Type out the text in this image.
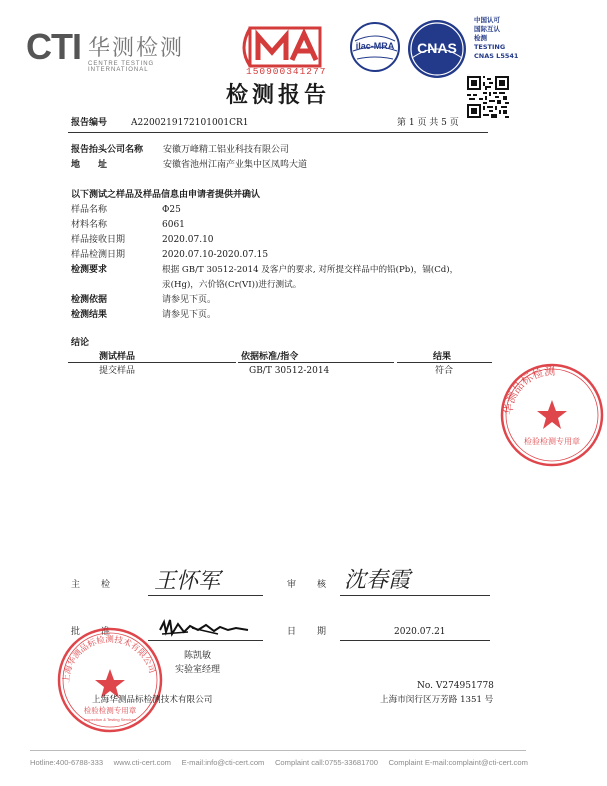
CTI 华测检测
CENTRE TESTING INTERNATIONAL	150900341277
ilac-MRA CNAS
中国认可
国际互认
检测
TESTING
CNAS L5541
检测报告
报告编号	A2200219172101001CR1	第 1 页 共 5 页
报告抬头公司名称 安徽万峰精工铝业科技有限公司
地　　址	安徽省池州江南产业集中区凤鸣大道
以下测试之样品及样品信息由申请者提供并确认
样品名称	Φ25
材料名称	6061
样品接收日期	2020.07.10
样品检测日期	2020.07.10-2020.07.15
检测要求	根据 GB/T 30512-2014 及客户的要求, 对所提交样品中的铅(Pb)，镉(Cd)，
汞(Hg)，六价铬(Cr(VI))进行测试。
检测依据	请参见下页。
检测结果	请参见下页。
结论
测试样品	依据标准/指令	结果
提交样品	GB/T 30512-2014	符合
华测品标检测
检验检测专用章
主　　检 王怀军	审　　核 沈春霞
批　　准	日　　期	2020.07.21
陈凯敏
实验室经理
上海华测品标检测技术有限公司
检验检测专用章
Inspection & Testing Services
上海华测品标检测技术有限公司
No. V274951778
上海市闵行区万芳路 1351 号
Hotline:400-6788-333 www.cti-cert.com E-mail:info@cti-cert.com Complaint call:0755-33681700 Complaint E-mail:complaint@cti-cert.com
